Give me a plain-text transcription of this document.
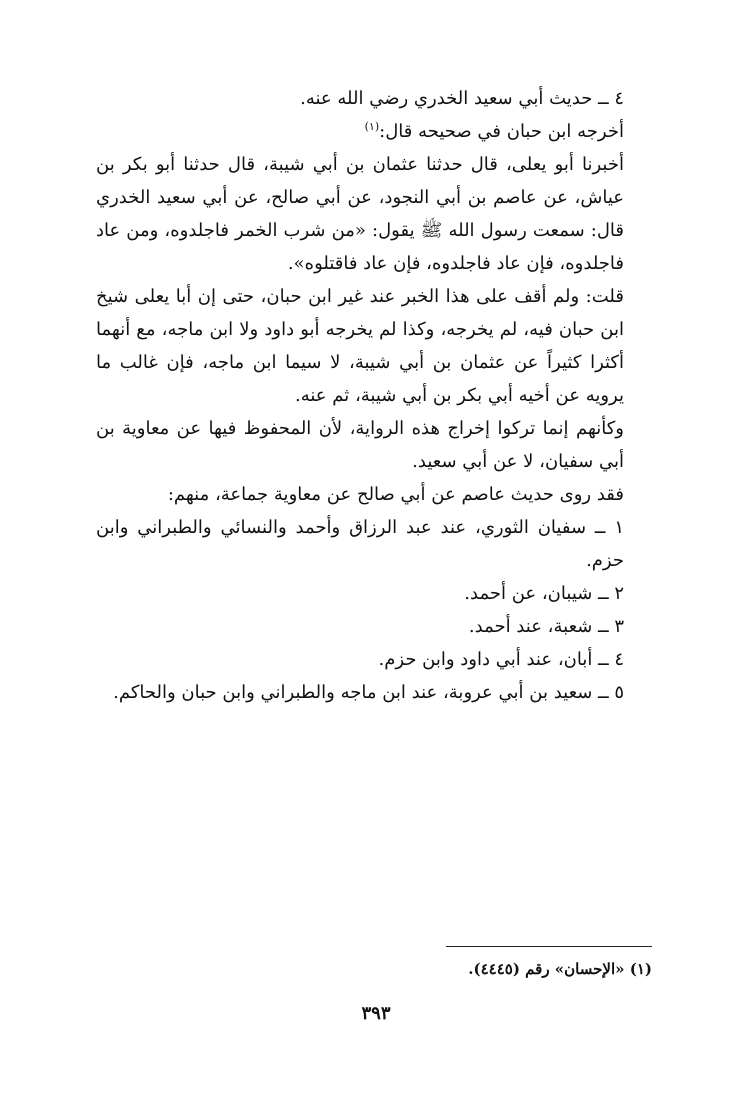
٤ ــ حديث أبي سعيد الخدري رضي الله عنه.

أخرجه ابن حبان في صحيحه قال:$^{(١)}$

أخبرنا أبو يعلى، قال حدثنا عثمان بن أبي شيبة، قال حدثنا أبو بكر بن عياش، عن عاصم بن أبي النجود، عن أبي صالح، عن أبي سعيد الخدري قال: سمعت رسول الله ﷺ يقول: «من شرب الخمر فاجلدوه، ومن عاد فاجلدوه، فإن عاد فاجلدوه، فإن عاد فاقتلوه».

قلت: ولم أقف على هذا الخبر عند غير ابن حبان، حتى إن أبا يعلى شيخ ابن حبان فيه، لم يخرجه، وكذا لم يخرجه أبو داود ولا ابن ماجه، مع أنهما أكثرا كثيراً عن عثمان بن أبي شيبة، لا سيما ابن ماجه، فإن غالب ما يرويه عن أخيه أبي بكر بن أبي شيبة، ثم عنه.

وكأنهم إنما تركوا إخراج هذه الرواية، لأن المحفوظ فيها عن معاوية بن أبي سفيان، لا عن أبي سعيد.

فقد روى حديث عاصم عن أبي صالح عن معاوية جماعة، منهم:

١ ــ سفيان الثوري، عند عبد الرزاق وأحمد والنسائي والطبراني وابن حزم.

٢ ــ شيبان، عن أحمد.

٣ ــ شعبة، عند أحمد.

٤ ــ أبان، عند أبي داود وابن حزم.

٥ ــ سعيد بن أبي عروبة، عند ابن ماجه والطبراني وابن حبان والحاكم.

(١) «الإحسان» رقم (٤٤٤٥).
٣٩٣
